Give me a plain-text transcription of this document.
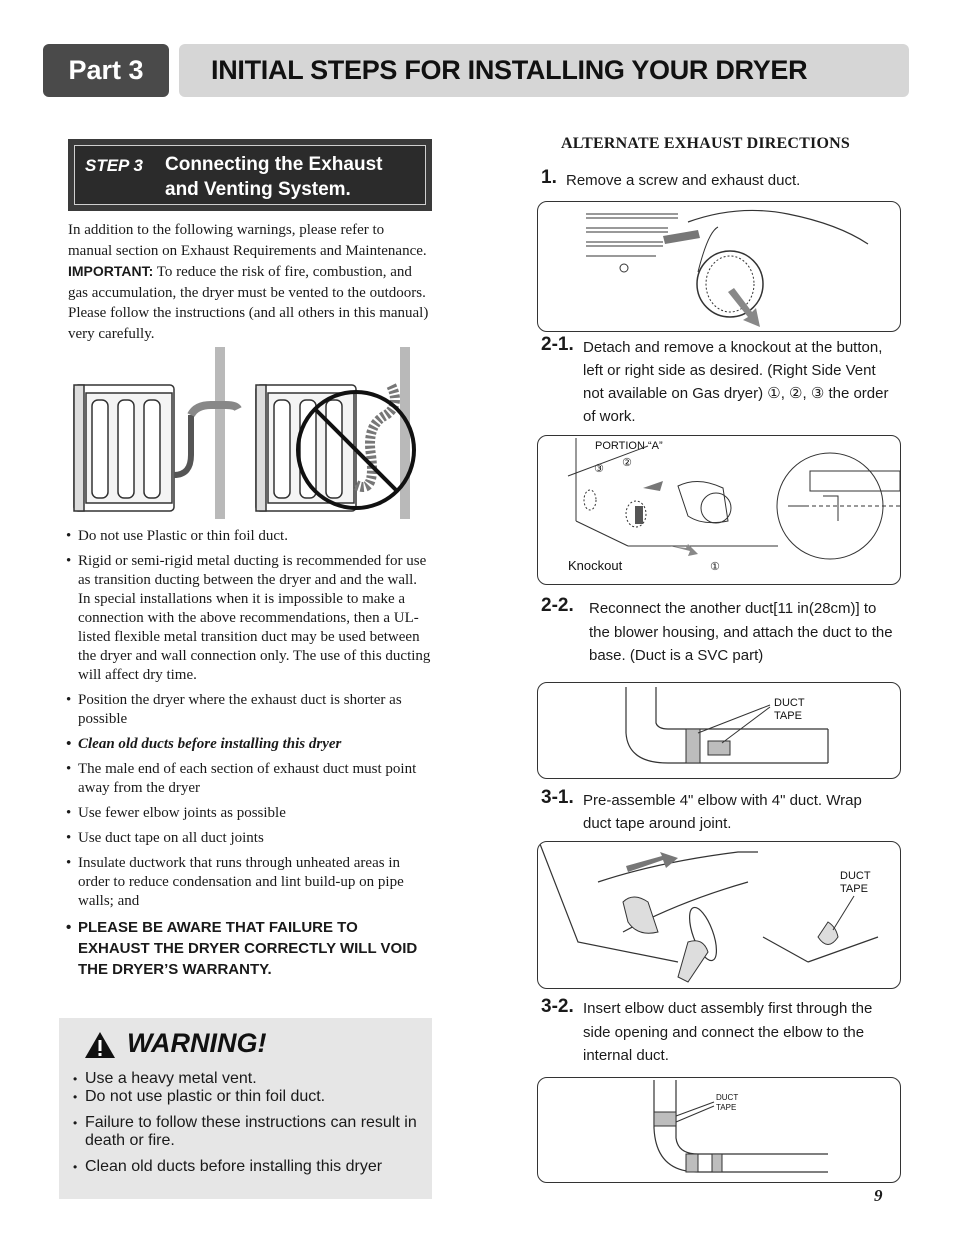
Part 3	INITIAL STEPS FOR INSTALLING YOUR DRYER
STEP 3 Connecting the Exhaust
and Venting System.
In addition to the following warnings, please refer to manual section on Exhaust Requirements and Maintenance. IMPORTANT: To reduce the risk of fire, combustion, and gas accumulation, the dryer must be vented to the outdoors. Please follow the instructions (and all others in this manual) very carefully.
• Do not use Plastic or thin foil duct.
• Rigid or semi-rigid metal ducting is recommended for use as transition ducting between the dryer and and the wall. In special installations when it is impossible to make a connection with the above recommendations, then a UL-listed flexible metal transition duct may be used between the dryer and wall connection only. The use of this ducting will affect dry time.
• Position the dryer where the exhaust duct is shorter as possible
• Clean old ducts before installing this dryer
• The male end of each section of exhaust duct must point away from the dryer
• Use fewer elbow joints as possible
• Use duct tape on all duct joints
• Insulate ductwork that runs through unheated areas in order to reduce condensation and lint build-up on pipe walls; and
• PLEASE BE AWARE THAT FAILURE TO EXHAUST THE DRYER CORRECTLY WILL VOID THE DRYER’S WARRANTY.
WARNING!
• Use a heavy metal vent.
• Do not use plastic or thin foil duct.
• Failure to follow these instructions can result in death or fire.
• Clean old ducts before installing this dryer
ALTERNATE EXHAUST DIRECTIONS
1. Remove a screw and exhaust duct.
2-1. Detach and remove a knockout at the button, left or right side as desired. (Right Side Vent not available on Gas dryer) ①, ②, ③ the order of work.
PORTION “A”
③ ②
Knockout	①
2-2. Reconnect the another duct[11 in(28cm)] to the blower housing, and attach the duct to the base. (Duct is a SVC part)
DUCT
TAPE
3-1. Pre-assemble 4" elbow with 4" duct. Wrap duct tape around joint.
DUCT
TAPE
3-2. Insert elbow duct assembly first through the side opening and connect the elbow to the internal duct.
DUCT
TAPE
9
